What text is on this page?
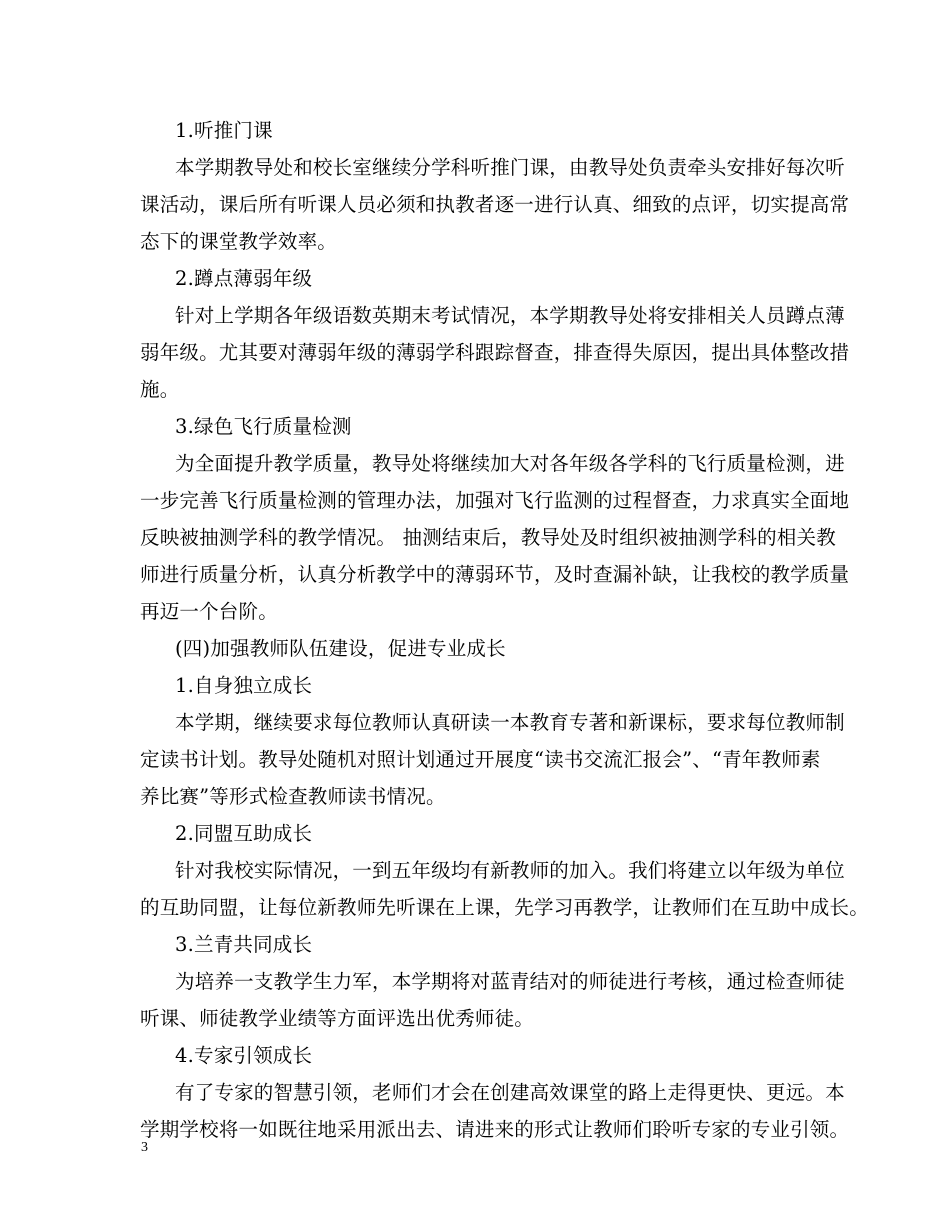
1.听推门课
本学期教导处和校长室继续分学科听推门课，由教导处负责牵头安排好每次听
课活动，课后所有听课人员必须和执教者逐一进行认真、细致的点评，切实提高常
态下的课堂教学效率。
2.蹲点薄弱年级
针对上学期各年级语数英期末考试情况，本学期教导处将安排相关人员蹲点薄
弱年级。尤其要对薄弱年级的薄弱学科跟踪督查，排查得失原因，提出具体整改措
施。
3.绿色飞行质量检测
为全面提升教学质量，教导处将继续加大对各年级各学科的飞行质量检测，进
一步完善飞行质量检测的管理办法，加强对飞行监测的过程督查，力求真实全面地
反映被抽测学科的教学情况。 抽测结束后，教导处及时组织被抽测学科的相关教
师进行质量分析，认真分析教学中的薄弱环节，及时查漏补缺，让我校的教学质量
再迈一个台阶。
(四)加强教师队伍建设，促进专业成长
1.自身独立成长
本学期，继续要求每位教师认真研读一本教育专著和新课标，要求每位教师制
定读书计划。教导处随机对照计划通过开展度“读书交流汇报会”、“青年教师素
养比赛”等形式检查教师读书情况。
2.同盟互助成长
针对我校实际情况，一到五年级均有新教师的加入。我们将建立以年级为单位
的互助同盟，让每位新教师先听课在上课，先学习再教学，让教师们在互助中成长。
3.兰青共同成长
为培养一支教学生力军，本学期将对蓝青结对的师徒进行考核，通过检查师徒
听课、师徒教学业绩等方面评选出优秀师徒。
4.专家引领成长
有了专家的智慧引领，老师们才会在创建高效课堂的路上走得更快、更远。本
学期学校将一如既往地采用派出去、请进来的形式让教师们聆听专家的专业引领。
3
